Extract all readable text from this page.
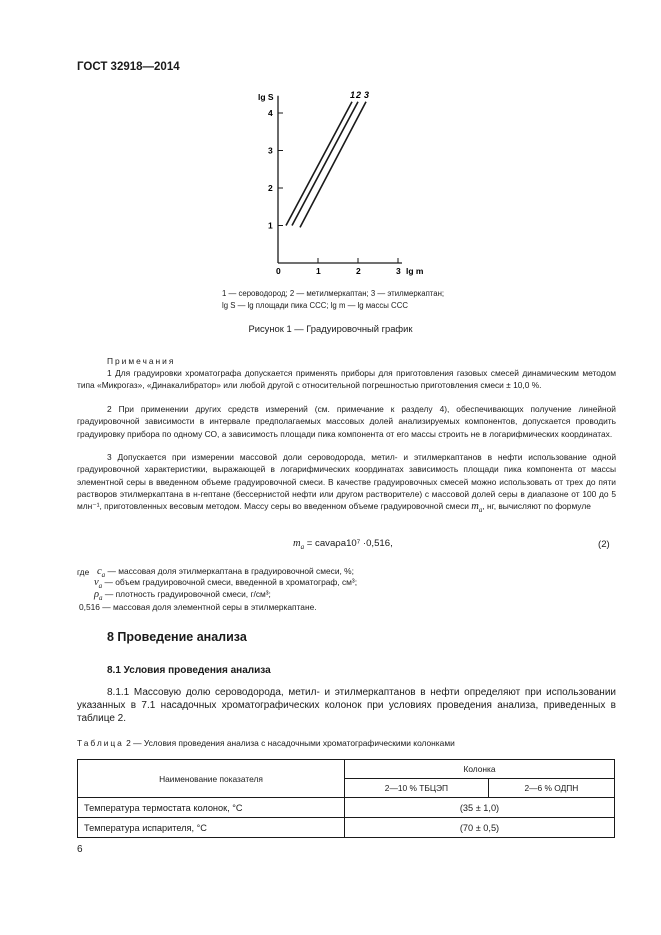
ГОСТ 32918—2014
1
2
3
4
0	1	2	3
1 2 3
lg S
lg m
1 — сероводород; 2 — метилмеркаптан; 3 — этилмеркаптан;
lg S — lg площади пика ССС; lg m — lg массы ССС
Рисунок 1 — Градуировочный график
Примечания
1 Для градуировки хроматографа допускается применять приборы для приготовления газовых смесей динамическим методом типа «Микрогаз», «Динакалибратор» или любой другой с относительной погрешностью приготовления смеси ± 10,0 %.
2 При применении других средств измерений (см. примечание к разделу 4), обеспечивающих получение линейной градуировочной зависимости в интервале предполагаемых массовых долей анализируемых компонентов, допускается проводить градуировку прибора по одному СО, а зависимость площади пика компонента от его массы строить не в логарифмических координатах.
3 Допускается при измерении массовой доли сероводорода, метил- и этилмеркаптанов в нефти использование одной градуировочной характеристики, выражающей в логарифмических координатах зависимость площади пика компонента от массы элементной серы в введенном объеме градуировочной смеси. В качестве градуировочных смесей можно использовать от трех до пяти растворов этилмеркаптана в н-гептане (бессернистой нефти или другом растворителе) с массовой долей серы в диапазоне от 100 до 5 млн⁻¹, приготовленных весовым методом. Массу серы во введенном объеме градуировочной смеси $m_а$, нг, вычисляют по формуле
$m_а$ = cаvаρа10⁷ ·0,516,	(2)
где $c_а$ — массовая доля этилмеркаптана в градуировочной смеси, %;
$v_а$ — объем градуировочной смеси, введенной в хроматограф, см³;
$\rho_а$ — плотность градуировочной смеси, г/см³;
0,516 — массовая доля элементной серы в этилмеркаптане.
8 Проведение анализа
8.1 Условия проведения анализа
8.1.1 Массовую долю сероводорода, метил- и этилмеркаптанов в нефти определяют при использовании указанных в 7.1 насадочных хроматографических колонок при условиях проведения анализа, приведенных в таблице 2.
Таблица 2 — Условия проведения анализа с насадочными хроматографическими колонками
Наименование показателя	Колонка	
	2—10 % ТБЦЭП	2—6 % ОДПН
Температура термостата колонок, °С	(35 ± 1,0)	
Температура испарителя, °С	(70 ± 0,5)	
6
